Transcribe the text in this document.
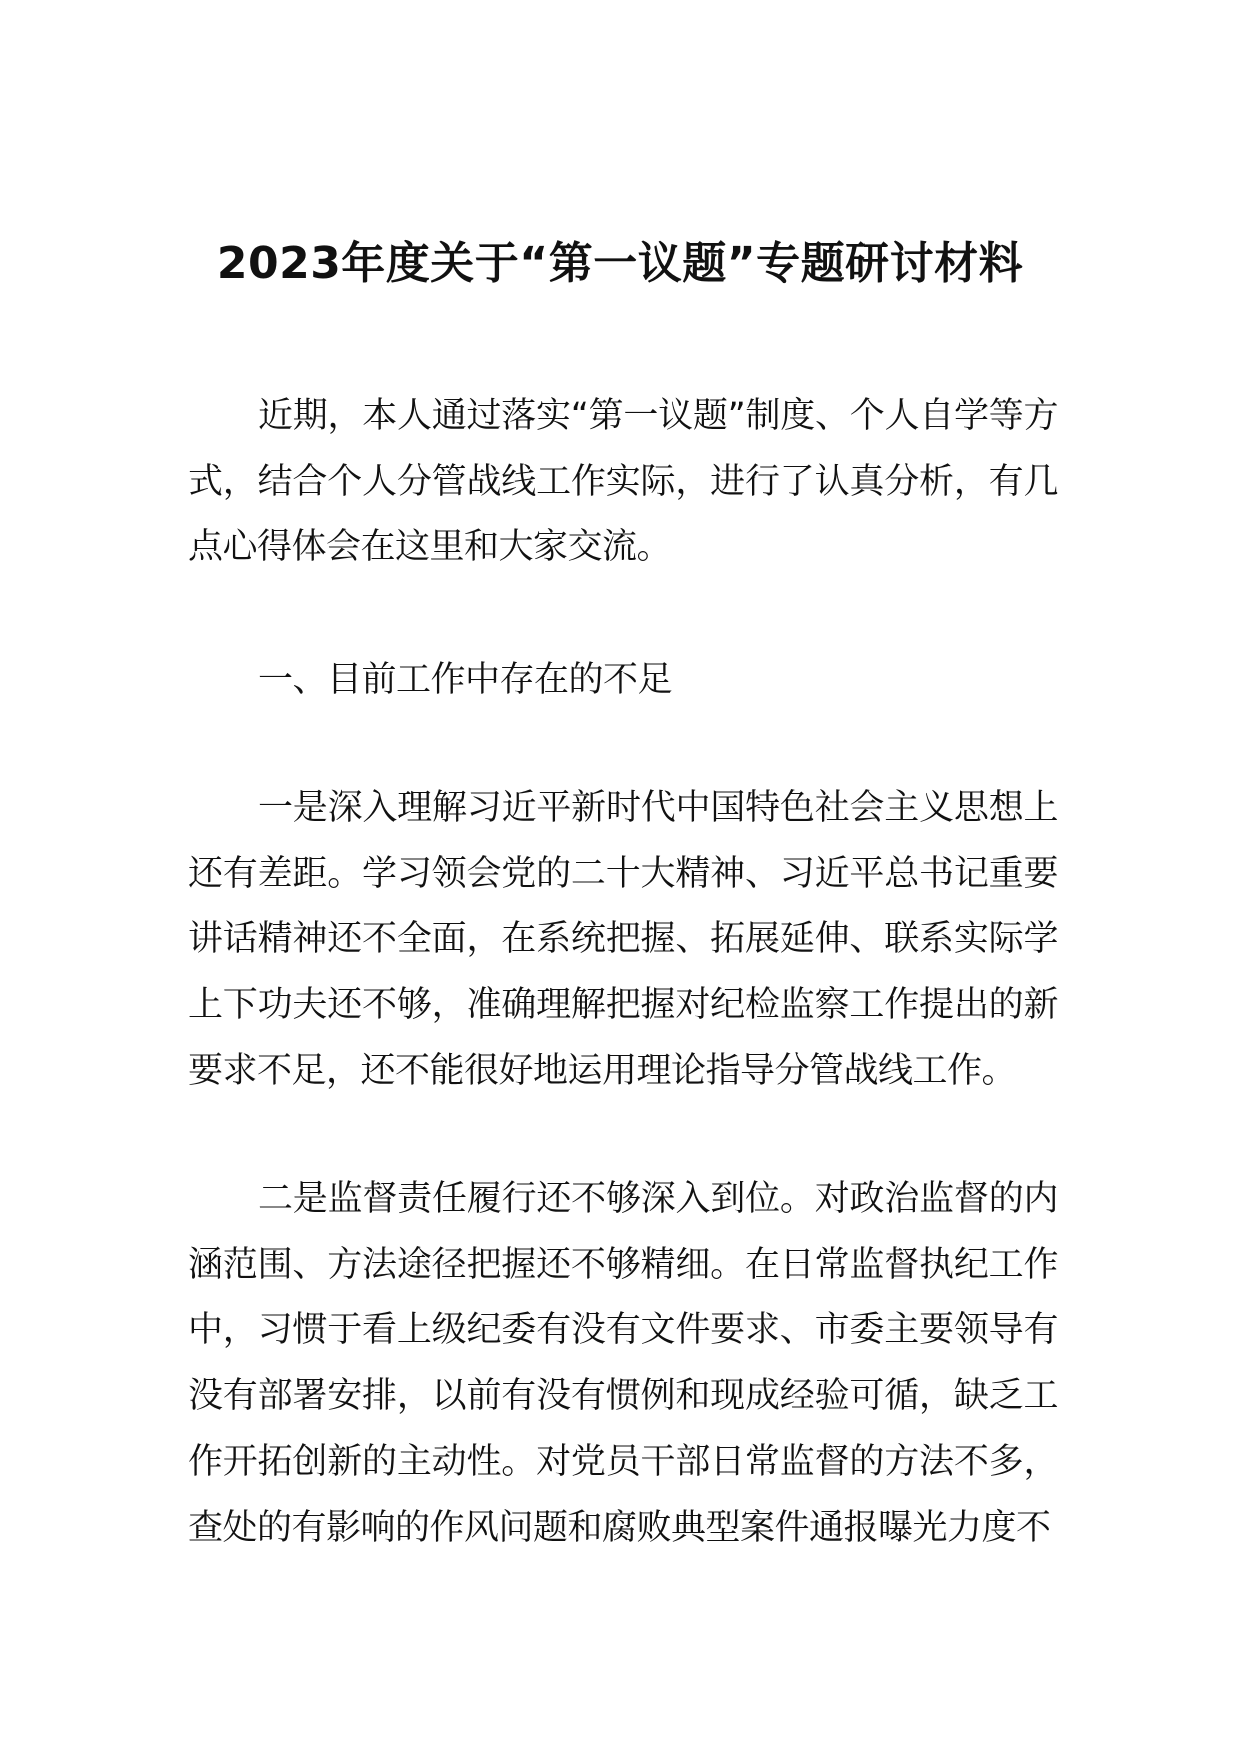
2023年度关于“第一议题”专题研讨材料

近期，本人通过落实“第一议题”制度、个人自学等方式，结合个人分管战线工作实际，进行了认真分析，有几点心得体会在这里和大家交流。

一、目前工作中存在的不足

一是深入理解习近平新时代中国特色社会主义思想上还有差距。学习领会党的二十大精神、习近平总书记重要讲话精神还不全面，在系统把握、拓展延伸、联系实际学上下功夫还不够，准确理解把握对纪检监察工作提出的新要求不足，还不能很好地运用理论指导分管战线工作。

二是监督责任履行还不够深入到位。对政治监督的内涵范围、方法途径把握还不够精细。在日常监督执纪工作中，习惯于看上级纪委有没有文件要求、市委主要领导有没有部署安排，以前有没有惯例和现成经验可循，缺乏工作开拓创新的主动性。对党员干部日常监督的方法不多，查处的有影响的作风问题和腐败典型案件通报曝光力度不
